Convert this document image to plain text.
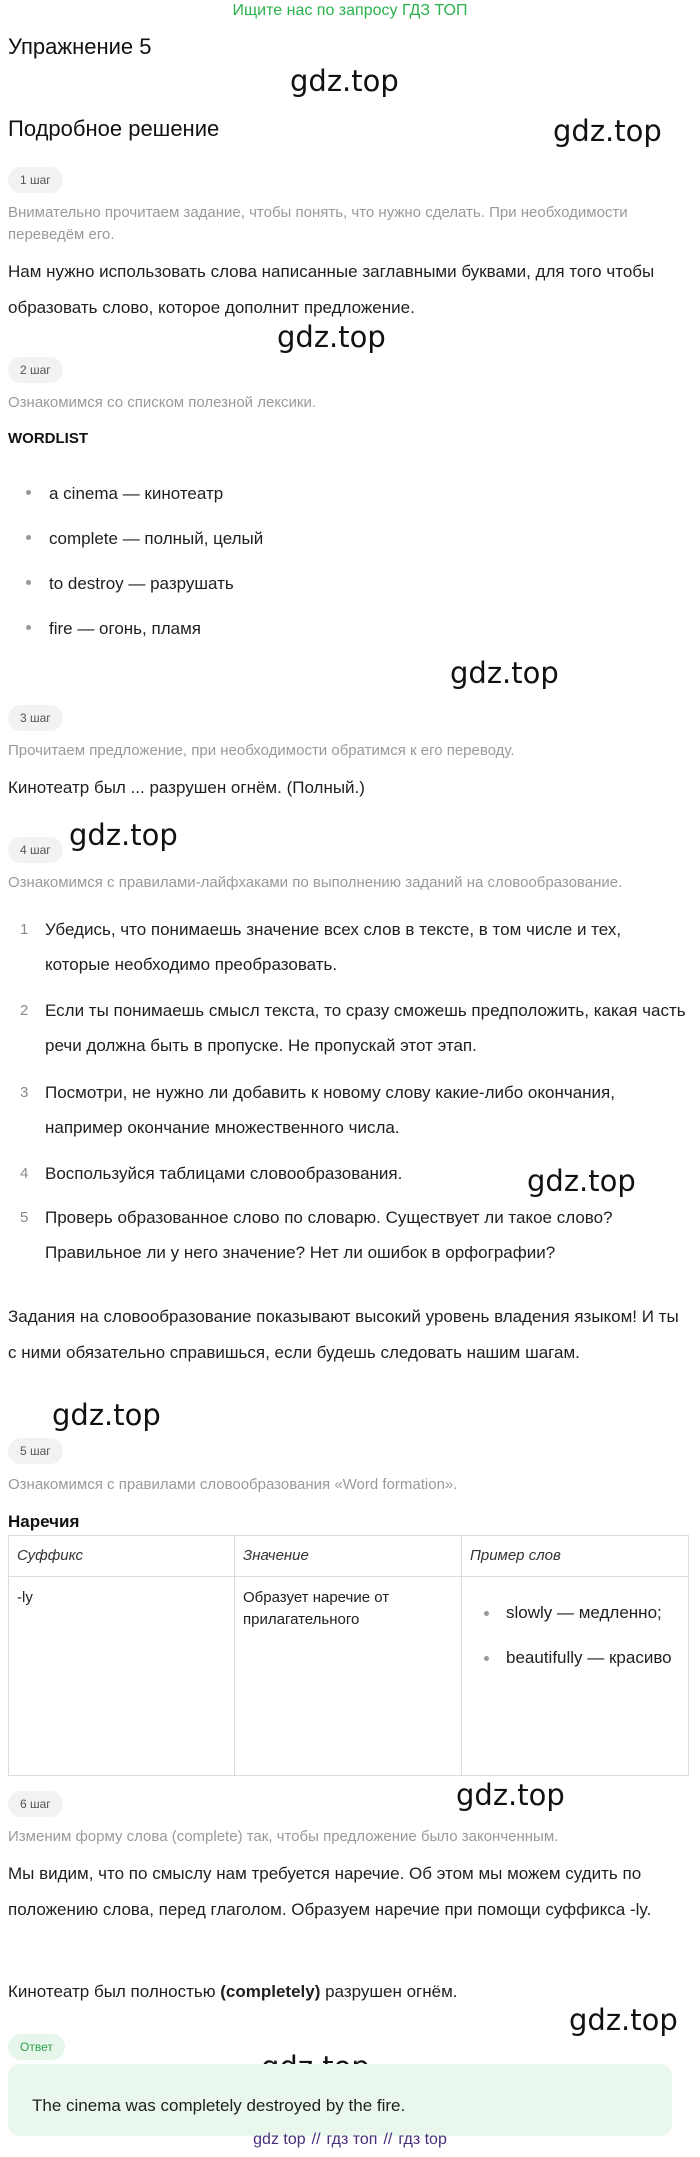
Ищите нас по запросу ГДЗ ТОП
Упражнение 5
gdz.top
Подробное решение	gdz.top
1 шаг
Внимательно прочитаем задание, чтобы понять, что нужно сделать. При необходимости переведём его.
Нам нужно использовать слова написанные заглавными буквами, для того чтобы образовать слово, которое дополнит предложение.
gdz.top
2 шаг
Ознакомимся со списком полезной лексики.
WORDLIST
a cinema — кинотеатр
complete — полный, целый
to destroy — разрушать
fire — огонь, пламя
gdz.top
3 шаг
Прочитаем предложение, при необходимости обратимся к его переводу.
Кинотеатр был ... разрушен огнём. (Полный.)
4 шаг gdz.top
Ознакомимся с правилами-лайфхаками по выполнению заданий на словообразование.
1 Убедись, что понимаешь значение всех слов в тексте, в том числе и тех, которые необходимо преобразовать.
2 Если ты понимаешь смысл текста, то сразу сможешь предположить, какая часть речи должна быть в пропуске. Не пропускай этот этап.
3 Посмотри, не нужно ли добавить к новому слову какие-либо окончания, например окончание множественного числа.
4 Воспользуйся таблицами словообразования.	gdz.top
5 Проверь образованное слово по словарю. Существует ли такое слово? Правильное ли у него значение? Нет ли ошибок в орфографии?
Задания на словообразование показывают высокий уровень владения языком! И ты с ними обязательно справишься, если будешь следовать нашим шагам.
gdz.top
5 шаг
Ознакомимся с правилами словообразования «Word formation».
Наречия
Суффикс	Значение	Пример слов
-ly	Образует наречие от прилагательного	slowly — медленно;
beautifully — красиво
6 шаг	gdz.top
Изменим форму слова (complete) так, чтобы предложение было законченным.
Мы видим, что по смыслу нам требуется наречие. Об этом мы можем судить по положению слова, перед глаголом. Образуем наречие при помощи суффикса -ly.
Кинотеатр был полностью (completely) разрушен огнём.
gdz.top
Ответ
The cinema was completely destroyed by the fire.
gdz top // гдз топ // гдз top
